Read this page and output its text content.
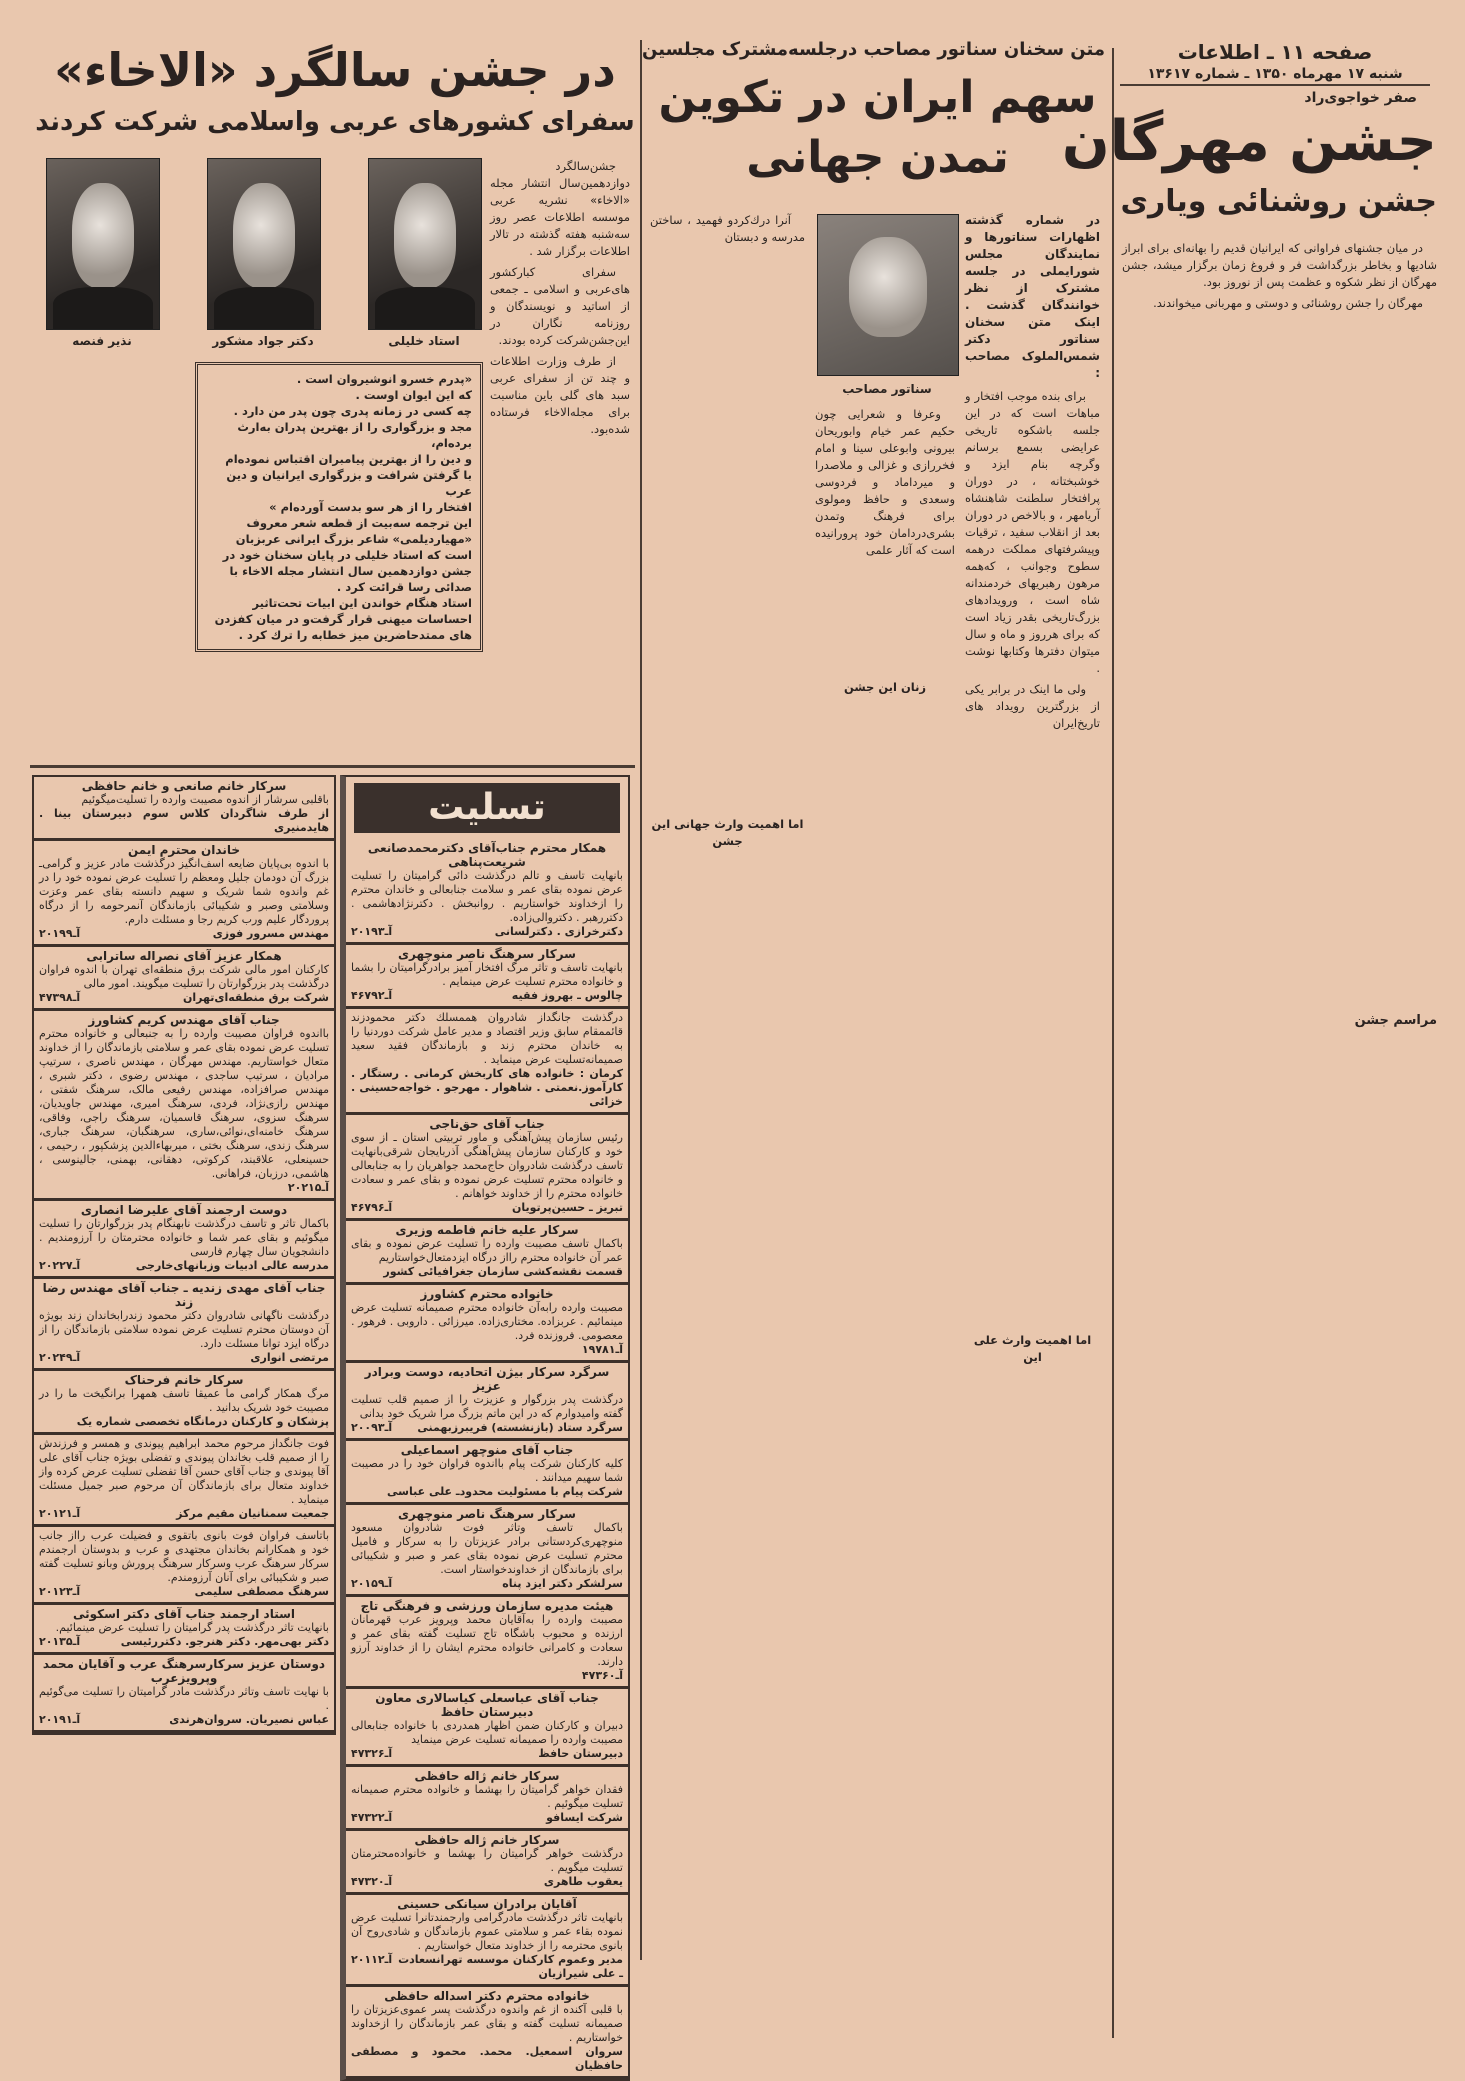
صفحه ۱۱ ـ اطلاعات
شنبه ۱۷ مهرماه ۱۳۵۰ ـ شماره ۱۳۶۱۷
صفر خواجوی‌راد
جشن مهرگان
جشن روشنائی ویاری

در میان جشنهای فراوانی که ایرانیان قدیم را بهانه‌ای برای ابراز شادیها و بخاطر بزرگداشت فر و فروغ زمان برگزار میشد، جشن مهرگان از نظر شکوه و عظمت پس از نوروز بود.

مهرگان را جشن روشنائی و دوستی و مهربانی میخواندند.

مراسم جشن

متن سخنان سناتور مصاحب درجلسه‌مشترک مجلسین
سهم ایران در تکوین
تمدن جهانی

در شماره گذشته اظهارات سناتورها و نمایندگان مجلس شورایملی در جلسه مشترک از نظر خوانندگان گذشت . اینک متن سخنان سناتور دکتر شمس‌الملوک مصاحب :

برای بنده موجب افتخار و مباهات است که در این جلسه باشکوه تاریخی عرایضی بسمع برسانم وگرچه بنام ایزد و خوشبختانه ، در دوران پرافتخار سلطنت شاهنشاه آریامهر ، و بالاخص در دوران بعد از انقلاب سفید ، ترقیات وپیشرفتهای مملکت درهمه سطوح وجوانب ، که‌همه مرهون رهبریهای خردمندانه شاه است ، ورویدادهای بزرگ‌تاریخی بقدر زیاد است که برای هرروز و ماه و سال میتوان دفترها وکتابها نوشت .

ولی ما اینک در برابر یکی از بزرگترین رویداد های تاریخ‌ایران

اما اهمیت وارث علی این

سناتور مصاحب

وعرفا و شعرایی چون حکیم عمر خیام وابوریحان بیرونی وابوعلی سینا و امام فخررازی و غزالی و ملاصدرا و میرداماد و فردوسی وسعدی و حافظ ومولوی برای فرهنگ وتمدن بشری‌دردامان خود پرورانیده است که آثار علمی

زنان این جشن

آنرا درك‌كردو فهمید ، ساختن مدرسه و دبستان

اما اهمیت وارث جهانی این جشن

در جشن سالگرد «الاخاء»
سفرای کشورهای عربی واسلامی شرکت کردند
استاد خلیلی
دکتر جواد مشکور
نذیر فنصه

جشن‌سالگرد دوازدهمین‌سال انتشار مجله «الاخاء» نشریه عربی موسسه اطلاعات عصر روز سه‌شنبه هفته گذشته در تالار اطلاعات برگزار شد .

سفرای کبارکشور های‌عربی و اسلامی ـ جمعی از اساتید و نویسندگان و روزنامه نگاران در این‌جشن‌شرکت کرده بودند.

از طرف وزارت اطلاعات و چند تن از سفرای عربی سبد های گلی باین مناسبت برای مجله‌الاخاء فرستاده شده‌بود.

«پدرم خسرو انوشیروان است .
که این ایوان اوست .
چه کسی در زمانه پدری چون پدر من دارد .
مجد و بزرگواری را از بهترین پدران به‌ارث برده‌ام،
و دین را از بهترین پیامبران اقتباس نموده‌ام
با گرفتن شرافت و بزرگواری ایرانیان و دین عرب
افتخار را از هر سو بدست آورده‌ام »
این ترجمه سه‌بیت از قطعه شعر معروف «مهیاردیلمی» شاعر بزرگ ایرانی عربزبان است که استاد خلیلی در پایان سخنان خود در جشن دوازدهمین سال انتشار مجله الاخاء با صدائی رسا قرائت کرد .
استاد هنگام خواندن این ابیات تحت‌تاثیر احساسات میهنی قرار گرفت‌و در میان کفزدن های ممتدحاضرین میز خطابه را ترك کرد .
سرکار خانم صانعی و خانم حافظی
باقلبی سرشار از اندوه مصیبت وارده را تسلیت‌میگوئیم
از طرف شاگردان کلاس سوم دبیرستان بینا . هایدمنیری
خاندان محترم ایمن
با اندوه بی‌پایان ضایعه اسف‌انگیز درگذشت مادر عزیز و گرامی‌ـ بزرگ آن دودمان جلیل ومعظم را تسلیت عرض نموده خود را در غم واندوه شما شریک و سهیم دانسته بقای عمر وعزت وسلامتی وصبر و شکیبائی بازماندگان آنمرحومه را از درگاه پروردگار علیم ورب کریم رجا و مسئلت دارم.
مهندس مسرور فوزی
آـ۲۰۱۹۹
همکار عزیز آقای نصراله ساترابی
کارکنان امور مالی شرکت برق منطقه‌ای تهران با اندوه فراوان درگذشت پدر بزرگوارتان را تسلیت میگویند. امور مالی
شرکت برق منطقه‌ای‌تهران
آـ۴۷۳۹۸
جناب آقای مهندس کریم کشاورز
بااندوه فراوان مصیبت وارده را به جنبعالی و خانواده محترم تسلیت عرض نموده بقای عمر و سلامتی بازماندگان را از خداوند متعال خواستاریم. مهندس مهرگان ، مهندس ناصری ، سرتیپ مرادیان ، سرتیپ ساجدی ، مهندس رضوی ، دکتر شبری ، مهندس صرافزاده، مهندس رفیعی مالک، سرهنگ شفتی ، مهندس رازی‌نژاد، فردی، سرهنگ امیری، مهندس جاویدیان، سرهنگ سزوی، سرهنگ قاسمیان، سرهنگ راجی، وفاقی، سرهنگ خامنه‌ای،نوائی،ساری، سرهنگبان، سرهنگ جباری، سرهنگ زندی، سرهنگ بختی ، میربهاءالدین پزشکپور ، رحیمی ، حسینعلی، علاقبند، کرکوتی، دهقانی، بهمنی، جالینوسی ، هاشمی، درزبان، فراهانی.
آـ۲۰۲۱۵
دوست ارجمند آقای علیرضا انصاری
باکمال تاثر و تاسف درگذشت نابهنگام پدر بزرگوارتان را تسلیت میگوئیم و بقای عمر شما و خانواده محترمتان را آرزومندیم . دانشجویان سال چهارم فارسی
مدرسه عالی ادبیات وزبانهای‌خارجی
آـ۲۰۲۲۷
جناب آقای مهدی زندیه ـ جناب آقای مهندس رضا زند
درگذشت ناگهانی شادروان دکتر محمود زندرابخاندان زند بویژه آن دوستان محترم تسلیت عرض نموده سلامتی بازماندگان را از درگاه ایزد توانا مسئلت دارد.
مرتضی انواری
آـ۲۰۲۴۹
سرکار خانم فرحناک
مرگ همکار گرامی ما عمیقا تاسف همهرا برانگیخت ما را در مصیبت خود شریک بدانید .
پزشکان و کارکنان درمانگاه تخصصی شماره یک
فوت جانگداز مرحوم محمد ابراهیم پیوندی و همسر و فرزندش را از صمیم قلب بخاندان پیوندی و تفضلی بویژه جناب آقای علی آقا پیوندی و جناب آقای حسن آقا تفضلی تسلیت عرض کرده واز خداوند متعال برای بازماندگان آن مرحوم صبر جمیل مسئلت مینماید .
جمعیت سمنانیان مقیم مرکز
آـ۲۰۱۲۱
باتاسف فراوان فوت بانوی باتقوی و فضیلت عرب رااز جانب خود و همکارانم بخاندان مجتهدی و عرب و بدوستان ارجمندم سرکار سرهنگ عرب وسرکار سرهنگ پرورش وبانو تسلیت گفته صبر و شکیبائی برای آنان آرزومندم.
سرهنگ مصطفی سلیمی
آـ۲۰۱۲۳
استاد ارجمند جناب آقای دکتر اسکوئی
بانهایت تاثر درگذشت پدر گرامیتان را تسلیت عرض مینمائیم.
دکتر بهی‌مهر. دکتر هنرجو. دکتررئیسی
آـ۲۰۱۳۵
دوستان عزیز سرکارسرهنگ عرب و آقایان محمد وپرویزعرب
با نهایت تاسف وتاثر درگذشت مادر گرامیتان را تسلیت می‌گوئیم .
عباس نصیریان. سروان‌هرندی
آـ۲۰۱۹۱
تسلیت
همکار محترم جناب‌آقای دکترمحمدصانعی شریعت‌پناهی
بانهایت تاسف و تالم درگذشت دائی گرامیتان را تسلیت عرض نموده بقای عمر و سلامت جنابعالی و خاندان محترم را ازخداوند خواستاریم . روانبخش . دکترنژادهاشمی . دکتررهبر . دکتروالی‌زاده.
دکترخرازی . دکترلسانی
آـ۲۰۱۹۳
سرکار سرهنگ ناصر منوچهری
بانهایت تاسف و تاثر مرگ افتخار آمیز برادرگرامیتان را بشما و خانواده محترم تسلیت عرض مینمایم .
چالوس ـ بهروز فقیه
آـ۴۶۷۹۲
درگذشت جانگداز شادروان هممسلك دکتر محمودزند قائممقام سابق وزیر اقتصاد و مدیر عامل شرکت دوردنیا را به خاندان محترم زند و بازماندگان فقید سعید صمیمانه‌تسلیت عرض مینماید .
کرمان : خانواده های کاربخش کرمانی . رستگار . کارآموز.نعمتی . شاهوار . مهرجو . خواجه‌حسینی . خزائی
جناب آقای حق‌ناجی
رئیس سازمان پیش‌آهنگی و ماور تربیتی استان ـ از سوی خود و کارکنان سازمان پیش‌آهنگی آذربایجان شرقی‌بانهایت تاسف درگذشت شادروان حاج‌محمد جواهریان را به جنابعالی و خانواده محترم تسلیت عرض نموده و بقای عمر و سعادت خانواده محترم را از خداوند خواهانم .
تبریز ـ حسین‌پرتویان
آـ۴۶۷۹۶
سرکار علیه خانم فاطمه وزیری
باکمال تاسف مصیبت وارده را تسلیت عرض نموده و بقای عمر آن خانواده محترم رااز درگاه ایزدمتعال‌خواستاریم
قسمت نقشه‌کشی سازمان جغرافیائی کشور
خانواده محترم کشاورز
مصیبت وارده رابه‌آن خانواده محترم صمیمانه تسلیت عرض مینمائیم . عربزاده. مختاری‌زاده. میرزائی . داروبی . فرهور . معصومی. فروزنده فرد.
آـ۱۹۷۸۱
سرگرد سرکار بیژن اتحادیه، دوست وبرادر عزیز
درگذشت پدر بزرگوار و عزیزت را از صمیم قلب تسلیت گفته وامیدوارم که در این ماتم بزرگ مرا شریک خود بدانی
سرگرد ستاد (بازنشسته) فریبرزبهمنی
آـ۲۰۰۹۳
جناب آقای منوچهر اسماعیلی
کلیه کارکنان شرکت پیام بااندوه فراوان خود را در مصیبت شما سهیم میدانند .
شرکت پیام با مسئولیت محدود‌ـ علی عباسی
سرکار سرهنگ ناصر منوچهری
باکمال تاسف وتاثر فوت شادروان مسعود منوچهری‌کردستانی برادر عزیزتان را به سرکار و فامیل محترم تسلیت عرض نموده بقای عمر و صبر و شکیبائی برای بازماندگان از خداوندخواستار است.
سرلشکر دکتر ایزد پناه
آـ۲۰۱۵۹
هیئت مدیره سازمان ورزشی و فرهنگی تاج
مصیبت وارده را به‌آقایان محمد وپرویز عرب قهرمانان ارزنده و محبوب باشگاه تاج تسلیت گفته بقای عمر و سعادت و کامرانی خانواده محترم ایشان را از خداوند آرزو دارند.
آـ۴۷۳۶۰
جناب آقای عباسعلی کیاسالاری معاون دبیرستان حافظ
دبیران و کارکنان ضمن اظهار همدردی با خانواده جنابعالی مصیبت وارده را صمیمانه تسلیت عرض مینماید
دبیرستان حافظ
آـ۴۷۳۲۶
سرکار خانم ژاله حافظی
فقدان خواهر گرامیتان را بهشما و خانواده محترم صمیمانه تسلیت میگوئیم .
شرکت ایسافو
آـ۴۷۳۲۲
سرکار خانم ژاله حافظی
درگذشت خواهر گرامیتان را بهشما و خانواده‌محترمتان تسلیت میگویم .
یعقوب طاهری
آـ۴۷۳۲۰
آقایان برادران سیانکی حسینی
بانهایت تاثر درگذشت مادرگرامی وارجمندتانرا تسلیت عرض نموده بقاء عمر و سلامتی عموم بازماندگان و شادی‌روح آن بانوی محترمه را از خداوند متعال خواستاریم .
مدیر وعموم کارکنان موسسه تهرانسعادت ـ علی شیرازیان
آـ۲۰۱۱۲
خانواده محترم دکتر اسداله حافظی
با قلبی آکنده از غم واندوه درگذشت پسر عموی‌عزیزتان را صمیمانه تسلیت گفته و بقای عمر بازماندگان را ازخداوند خواستاریم .
سروان اسمعیل. محمد. محمود و مصطفی حافظیان
